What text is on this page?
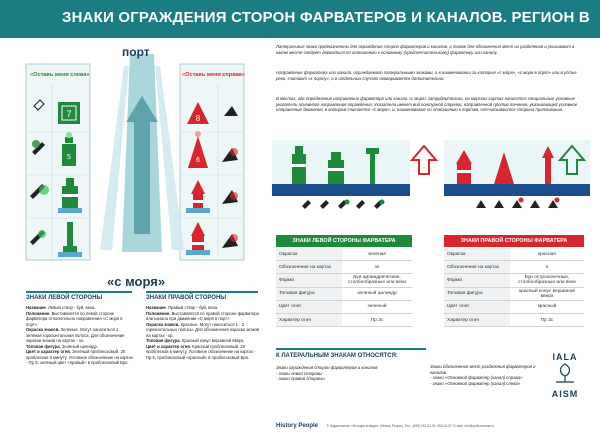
ЗНАКИ ОГРАЖДЕНИЯ СТОРОН ФАРВАТЕРОВ И КАНАЛОВ. РЕГИОН В
7
5
8
6
порт
«Оставь меня слева»	«Оставь меня справа»
«с моря»
ЗНАКИ ЛЕВОЙ СТОРОНЫ
Название. Левый створ - буй, веха.
Положение. Выставляется по левой стороне фарватера относительно направления «С моря в порт».
Окраска знаков. Зеленые. Могут наноситься 1 зелёная горизонтальная полоса. Для обозначения окраски знаков на картах - зл.
Топовая фигура. Зелёный цилиндр.
Цвет и характер огня. Зелёный проблесковый. 20 проблесков в минуту. Условное обозначение на картах - Пр З, зелёный цвет «правый» в проблесковый Бро.
ЗНАКИ ПРАВОЙ СТОРОНЫ
Название. Правый створ - буй, веха.
Положение. Выставляется по правой стороне фарватера или канала при движении «С моря в порт».
Окраска знаков. Красные. Могут наноситься 1 - 2 горизонтальных полосы. Для обозначения окраски знаков на картах - кр.
Топовая фигура. Красный конус вершиной вверх.
Цвет и характер огня. Красный проблесковый. 20 проблесков в минуту. Условное обозначение на картах - Пр К, проблесковый «красный» в проблесковый Бро.
Латеральные знаки предназначены для ограждения сторон фарватеров и каналов, а также для обозначения мест их разделения и указывают в каком месте следует держаться по отношению к основному (предпочтительному) фарватеру или каналу.
Направление фарватера или канала, ограждаемого латеральными знаками, а в наименовании за которые «с моря», «с моря в порт» или в устье реки, считают «к порту», а в отдельных случаях оговаривается дополнительно.
В местах, где определение направления фарватера или канала «с моря» затруднительно, на морских картах наносятся специальные условные указатели основного направления ограждения. Указатели имеют вид контурной стрелки, направленной против течения, указывающей условное направление движения, в котором считается «с моря», и, наименование по отношению к портам, отсчитываются сторона проплывания.
ЗНАКИ ЛЕВОЙ СТОРОНЫ ФАРВАТЕРА
Окраска	зеленая
Обозначение на картах	зл
Форма	Буи цилиндрические, столбообразные или вехи
Топовая фигура	зеленый цилиндр
Цвет огня	зеленый
Характер огня	Пр Зс
ЗНАКИ ПРАВОЙ СТОРОНЫ ФАРВАТЕРА
Окраска	красная
Обозначение на картах	к
Форма	Буи остроконечные, столбообразные или вехи
Топовая фигура	красный конус вершиной вверх
Цвет огня	красный
Характер огня	Пр Зс
К ЛАТЕРАЛЬНЫМ ЗНАКАМ ОТНОСЯТСЯ:
Знаки ограждения сторон фарватеров и каналов
- знаки левой стороны
- знаки правой стороны
Знаки обозначения мест разделения фарватеров и каналов
- знаки «Основной фарватер (канал) справа»
- знаки «Основной фарватер (канал) слева»
IALA
AISM
History People	© Издательство «История в лицах» (History People). Тел.: (495) 215-02-30, 660-02-07, E-mail: info@polis-ohrana.ru
